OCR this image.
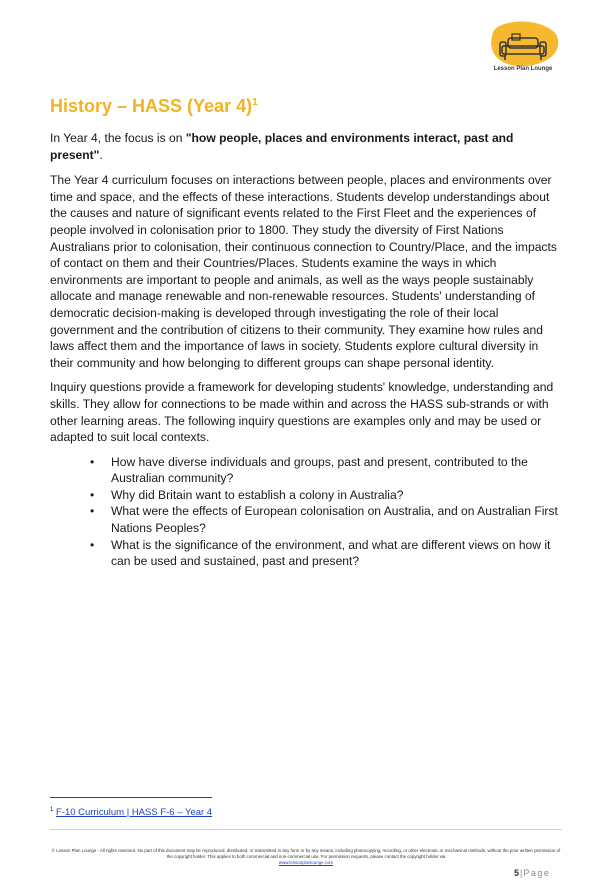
Lesson Plan Lounge
History – HASS (Year 4)$^1$

In Year 4, the focus is on "how people, places and environments interact, past and present".

The Year 4 curriculum focuses on interactions between people, places and environments over time and space, and the effects of these interactions. Students develop understandings about the causes and nature of significant events related to the First Fleet and the experiences of people involved in colonisation prior to 1800. They study the diversity of First Nations Australians prior to colonisation, their continuous connection to Country/Place, and the impacts of contact on them and their Countries/Places. Students examine the ways in which environments are important to people and animals, as well as the ways people sustainably allocate and manage renewable and non-renewable resources. Students' understanding of democratic decision-making is developed through investigating the role of their local government and the contribution of citizens to their community. They examine how rules and laws affect them and the importance of laws in society. Students explore cultural diversity in their community and how belonging to different groups can shape personal identity.

Inquiry questions provide a framework for developing students' knowledge, understanding and skills. They allow for connections to be made within and across the HASS sub-strands or with other learning areas. The following inquiry questions are examples only and may be used or adapted to suit local contexts.

• How have diverse individuals and groups, past and present, contributed to the Australian community?
• Why did Britain want to establish a colony in Australia?
• What were the effects of European colonisation on Australia, and on Australian First Nations Peoples?
• What is the significance of the environment, and what are different views on how it can be used and sustained, past and present?
$^1$ F-10 Curriculum | HASS F-6 – Year 4
© Lesson Plan Lounge - All rights reserved. No part of this document may be reproduced, distributed, or transmitted in any form or by any means, including photocopying, recording, or other electronic or mechanical methods, without the prior written permission of the copyright holder. This applies to both commercial and non-commercial use. For permission requests, please contact the copyright holder via
www.lessonplanlounge.com
5|Page
